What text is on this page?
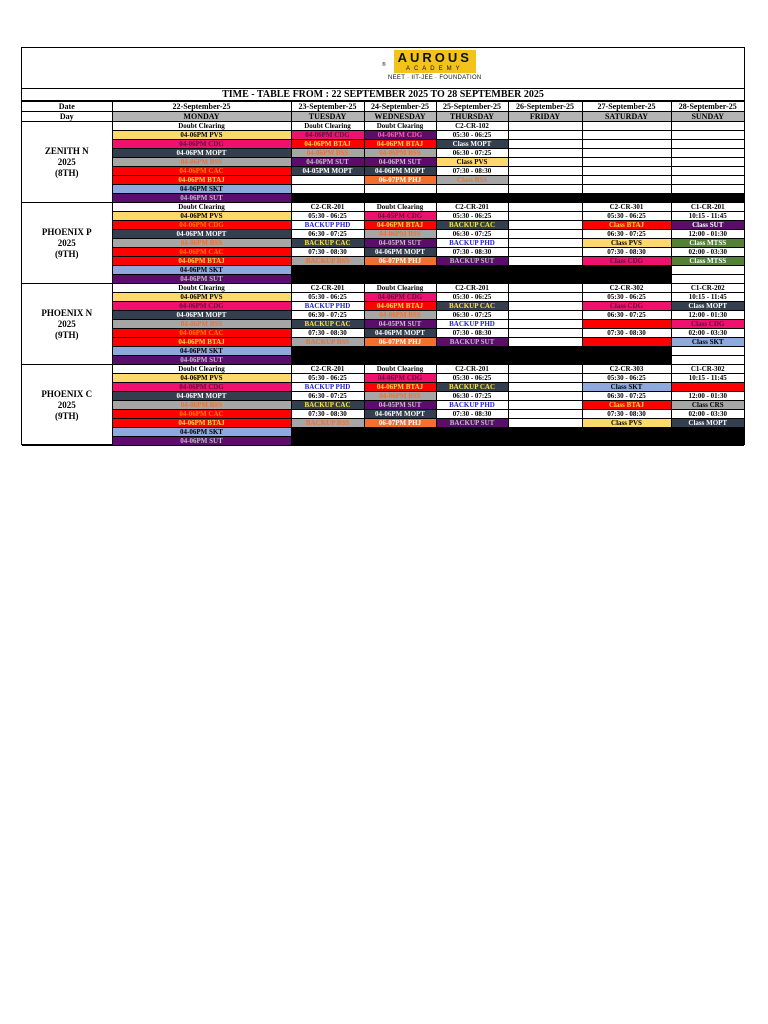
® AUROUS
ACADEMY
NEET · IIT-JEE · FOUNDATION
TIME - TABLE FROM : 22 SEPTEMBER 2025 TO 28 SEPTEMBER 2025
Date	22-September-25	23-September-25	24-September-25	25-September-25	26-September-25	27-September-25	28-September-25
Day	MONDAY	TUESDAY	WEDNESDAY	THURSDAY	FRIDAY	SATURDAY	SUNDAY

ZENITH N
2025
(8TH)	Doubt Clearing	Doubt Clearing	Doubt Clearing	C2-CR-102			
	04-06PM PVS	04-06PM CDG	04-06PM CDG	05:30 - 06:25			
	04-06PM CDG	04-06PM BTAJ	04-06PM BTAJ	Class MOPT			
	04-06PM MOPT	04-06PM BSS	04-06PM BSS	06:30 - 07:25			
	04-06PM BSS	04-06PM SUT	04-06PM SUT	Class PVS			
	04-06PM CAC	04-05PM MOPT	04-06PM MOPT	07:30 - 08:30			
	04-06PM BTAJ		06-07PM PHJ	Class BSS			
	04-06PM SKT						
	04-06PM SUT						

PHOENIX P
2025
(9TH)	Doubt Clearing	C2-CR-201	Doubt Clearing	C2-CR-201		C2-CR-301	C1-CR-201
	04-06PM PVS	05:30 - 06:25	04-05PM CDG	05:30 - 06:25		05:30 - 06:25	10:15 - 11:45
	04-06PM CDG	BACKUP PHD	04-06PM BTAJ	BACKUP CAC		Class BTAJ	Class SUT
	04-06PM MOPT	06:30 - 07:25	04-06PM BSS	06:30 - 07:25		06:30 - 07:25	12:00 - 01:30
	04-06PM BSS	BACKUP CAC	04-05PM SUT	BACKUP PHD		Class PVS	Class MTSS
	04-06PM CAC	07:30 - 08:30	04-06PM MOPT	07:30 - 08:30		07:30 - 08:30	02:00 - 03:30
	04-06PM BTAJ	BACKUP BSS	06-07PM PHJ	BACKUP SUT		Class CDG	Class MTSS
	04-06PM SKT						
	04-06PM SUT						

PHOENIX N
2025
(9TH)	Doubt Clearing	C2-CR-201	Doubt Clearing	C2-CR-201		C2-CR-302	C1-CR-202
	04-06PM PVS	05:30 - 06:25	04-06PM CDG	05:30 - 06:25		05:30 - 06:25	10:15 - 11:45
	04-06PM CDG	BACKUP PHD	04-06PM BTAJ	BACKUP CAC		Class CDG	Class MOPT
	04-06PM MOPT	06:30 - 07:25	04-06PM BSS	06:30 - 07:25		06:30 - 07:25	12:00 - 01:30
	04-06PM BSS	BACKUP CAC	04-05PM SUT	BACKUP PHD		Class BTAJ	Class CDG
	04-06PM CAC	07:30 - 08:30	04-06PM MOPT	07:30 - 08:30		07:30 - 08:30	02:00 - 03:30
	04-06PM BTAJ	BACKUP BSS	06-07PM PHJ	BACKUP SUT		Class PVS	Class SKT
	04-06PM SKT						
	04-06PM SUT						

PHOENIX C
2025
(9TH)	Doubt Clearing	C2-CR-201	Doubt Clearing	C2-CR-201		C2-CR-303	C1-CR-302
	04-06PM PVS	05:30 - 06:25	04-06PM CDG	05:30 - 06:25		05:30 - 06:25	10:15 - 11:45
	04-06PM CDG	BACKUP PHD	04-06PM BTAJ	BACKUP CAC		Class SKT	Class BTAJ
	04-06PM MOPT	06:30 - 07:25	04-06PM BSS	06:30 - 07:25		06:30 - 07:25	12:00 - 01:30
	04-06PM BSS	BACKUP CAC	04-05PM SUT	BACKUP PHD		Class BTAJ	Class CRS
	04-06PM CAC	07:30 - 08:30	04-06PM MOPT	07:30 - 08:30		07:30 - 08:30	02:00 - 03:30
	04-06PM BTAJ	BACKUP BSS	06-07PM PHJ	BACKUP SUT		Class PVS	Class MOPT
	04-06PM SKT						
	04-06PM SUT						
